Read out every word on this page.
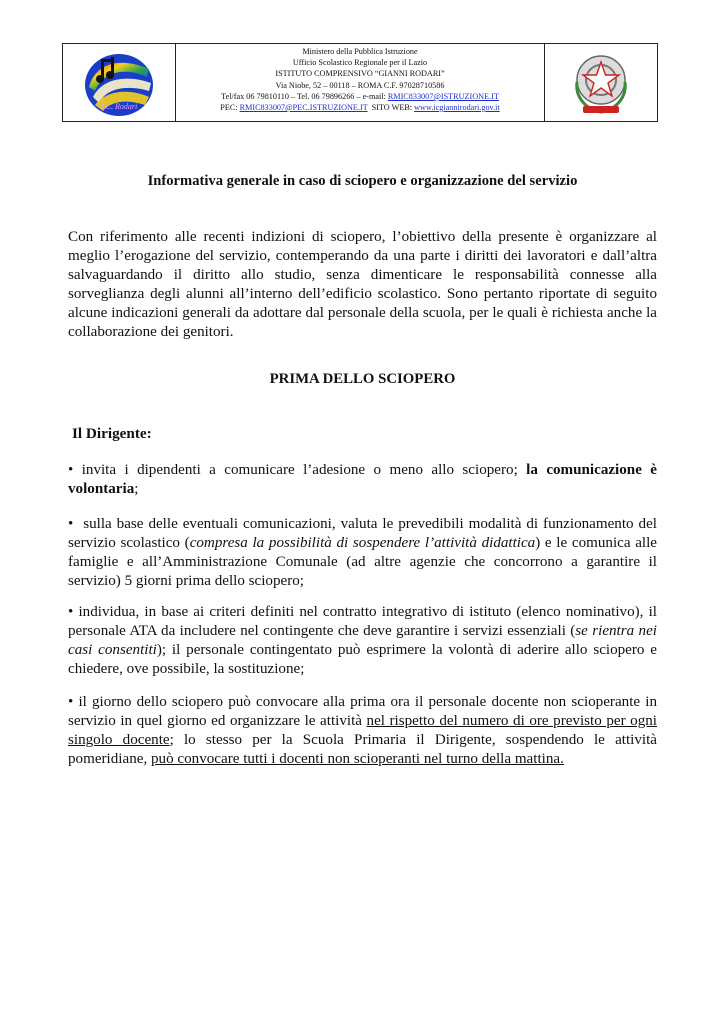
I.C. Rodari
Ministero della Pubblica Istruzione
Ufficio Scolastico Regionale per il Lazio
ISTITUTO COMPRENSIVO “GIANNI RODARI”
Via Niobe, 52 – 00118 – ROMA C.F. 97028710586
Tel/fax 06 79810110 – Tel. 06 79896266 – e-mail: RMIC833007@ISTRUZIONE.IT
PEC: RMIC833007@PEC.ISTRUZIONE.IT  SITO WEB: www.icgiannirodari.gov.it
Informativa generale in caso di sciopero e organizzazione del servizio

Con riferimento alle recenti indizioni di sciopero, l’obiettivo della presente è organizzare al meglio l’erogazione del servizio, contemperando da una parte i diritti dei lavoratori e dall’altra salvaguardando il diritto allo studio, senza dimenticare le responsabilità connesse alla sorveglianza degli alunni all’interno dell’edificio scolastico. Sono pertanto riportate di seguito alcune indicazioni generali da adottare dal personale della scuola, per le quali è richiesta anche la collaborazione dei genitori.

PRIMA DELLO SCIOPERO
Il Dirigente:

• invita i dipendenti a comunicare l’adesione o meno allo sciopero; la comunicazione è volontaria;

•  sulla base delle eventuali comunicazioni, valuta le prevedibili modalità di funzionamento del servizio scolastico (compresa la possibilità di sospendere l’attività didattica) e le comunica alle famiglie e all’Amministrazione Comunale (ad altre agenzie che concorrono a garantire il servizio) 5 giorni prima dello sciopero;

• individua, in base ai criteri definiti nel contratto integrativo di istituto (elenco nominativo), il personale ATA da includere nel contingente che deve garantire i servizi essenziali (se rientra nei casi consentiti); il personale contingentato può esprimere la volontà di aderire allo sciopero e chiedere, ove possibile, la sostituzione;

• il giorno dello sciopero può convocare alla prima ora il personale docente non scioperante in servizio in quel giorno ed organizzare le attività nel rispetto del numero di ore previsto per ogni singolo docente; lo stesso per la Scuola Primaria il Dirigente, sospendendo le attività pomeridiane, può convocare tutti i docenti non scioperanti nel turno della mattina.
